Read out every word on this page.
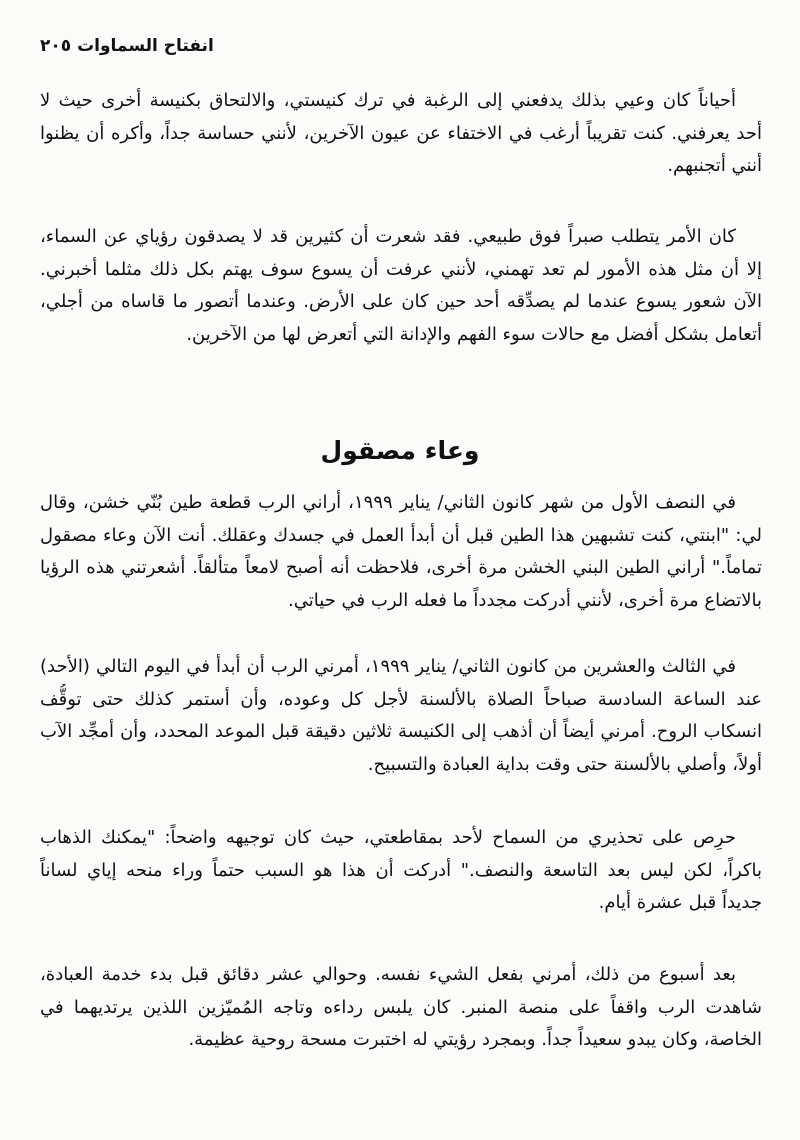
انفتاح السماوات ٢٠٥
وعاء مصقول
أحياناً كان وعيي بذلك يدفعني إلى الرغبة في ترك كنيستي، والالتحاق بكنيسة أخرى حيث لا
أحد يعرفني. كنت تقريباً أرغب في الاختفاء عن عيون الآخرين، لأنني حساسة جداً، وأكره أن يظنوا
أنني أتجنبهم.
كان الأمر يتطلب صبراً فوق طبيعي. فقد شعرت أن كثيرين قد لا يصدقون رؤياي عن السماء،
إلا أن مثل هذه الأمور لم تعد تهمني، لأنني عرفت أن يسوع سوف يهتم بكل ذلك مثلما أخبرني.
الآن شعور يسوع عندما لم يصدِّقه أحد حين كان على الأرض. وعندما أتصور ما قاساه من أجلي،
أتعامل بشكل أفضل مع حالات سوء الفهم والإدانة التي أتعرض لها من الآخرين.
في النصف الأول من شهر كانون الثاني/ يناير ١٩٩٩، أراني الرب قطعة طين بُنّي خشن، وقال
لي: "ابنتي، كنت تشبهين هذا الطين قبل أن أبدأ العمل في جسدك وعقلك. أنت الآن وعاء مصقول
تماماً." أراني الطين البني الخشن مرة أخرى، فلاحظت أنه أصبح لامعاً متألقاً. أشعرتني هذه الرؤيا
بالاتضاع مرة أخرى، لأنني أدركت مجدداً ما فعله الرب في حياتي.
في الثالث والعشرين من كانون الثاني/ يناير ١٩٩٩، أمرني الرب أن أبدأ في اليوم التالي (الأحد)
عند الساعة السادسة صباحاً الصلاة بالألسنة لأجل كل وعوده، وأن أستمر كذلك حتى توقُّف
انسكاب الروح. أمرني أيضاً أن أذهب إلى الكنيسة ثلاثين دقيقة قبل الموعد المحدد، وأن أمجِّد الآب
أولاً، وأصلي بالألسنة حتى وقت بداية العبادة والتسبيح.
حرِص على تحذيري من السماح لأحد بمقاطعتي، حيث كان توجيهه واضحاً: "يمكنك الذهاب
باكراً، لكن ليس بعد التاسعة والنصف." أدركت أن هذا هو السبب حتماً وراء منحه إياي لساناً
جديداً قبل عشرة أيام.
بعد أسبوع من ذلك، أمرني بفعل الشيء نفسه. وحوالي عشر دقائق قبل بدء خدمة العبادة،
شاهدت الرب واقفاً على منصة المنبر. كان يلبس رداءه وتاجه المُميّزين اللذين يرتديهما في
الخاصة، وكان يبدو سعيداً جداً. وبمجرد رؤيتي له اختبرت مسحة روحية عظيمة.
